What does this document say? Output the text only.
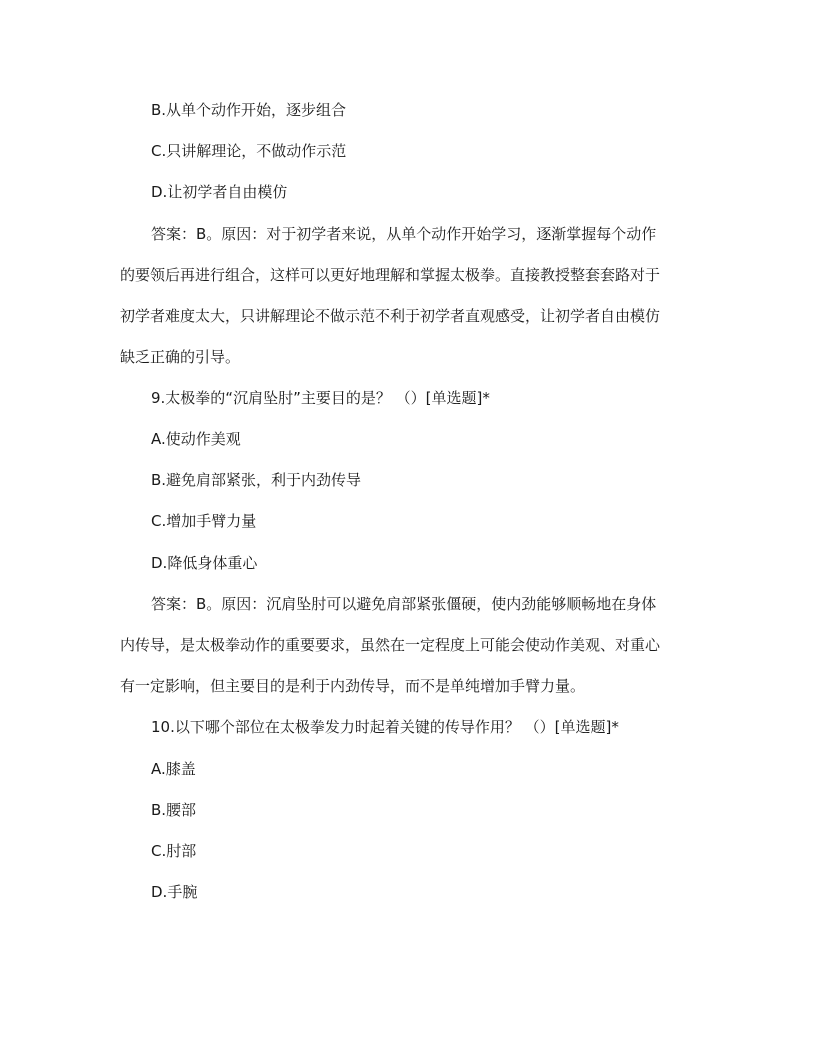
B.从单个动作开始，逐步组合
C.只讲解理论，不做动作示范
D.让初学者自由模仿
答案：B。原因：对于初学者来说，从单个动作开始学习，逐渐掌握每个动作
的要领后再进行组合，这样可以更好地理解和掌握太极拳。直接教授整套套路对于
初学者难度太大，只讲解理论不做示范不利于初学者直观感受，让初学者自由模仿
缺乏正确的引导。
9.太极拳的“沉肩坠肘”主要目的是？ （）[单选题]*
A.使动作美观
B.避免肩部紧张，利于内劲传导
C.增加手臂力量
D.降低身体重心
答案：B。原因：沉肩坠肘可以避免肩部紧张僵硬，使内劲能够顺畅地在身体
内传导，是太极拳动作的重要要求，虽然在一定程度上可能会使动作美观、对重心
有一定影响，但主要目的是利于内劲传导，而不是单纯增加手臂力量。
10.以下哪个部位在太极拳发力时起着关键的传导作用？ （）[单选题]*
A.膝盖
B.腰部
C.肘部
D.手腕
